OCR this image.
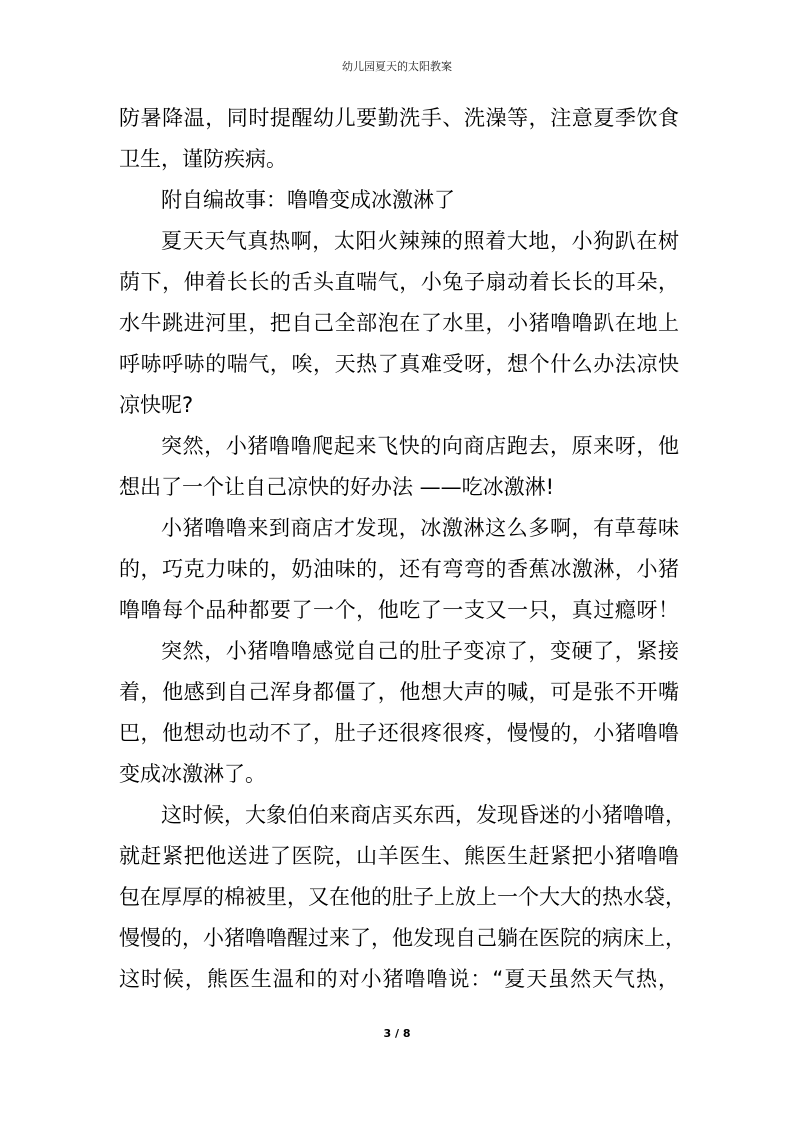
幼儿园夏天的太阳教案
防暑降温，同时提醒幼儿要勤洗手、洗澡等，注意夏季饮食
卫生，谨防疾病。
附自编故事：噜噜变成冰激淋了
夏天天气真热啊，太阳火辣辣的照着大地，小狗趴在树
荫下，伸着长长的舌头直喘气，小兔子扇动着长长的耳朵，
水牛跳进河里，把自己全部泡在了水里，小猪噜噜趴在地上
呼哧呼哧的喘气，唉，天热了真难受呀，想个什么办法凉快
凉快呢?
突然，小猪噜噜爬起来飞快的向商店跑去，原来呀，他
想出了一个让自己凉快的好办法 ——吃冰激淋!
小猪噜噜来到商店才发现，冰激淋这么多啊，有草莓味
的，巧克力味的，奶油味的，还有弯弯的香蕉冰激淋，小猪
噜噜每个品种都要了一个，他吃了一支又一只，真过瘾呀！
突然，小猪噜噜感觉自己的肚子变凉了，变硬了，紧接
着，他感到自己浑身都僵了，他想大声的喊，可是张不开嘴
巴，他想动也动不了，肚子还很疼很疼，慢慢的，小猪噜噜
变成冰激淋了。
这时候，大象伯伯来商店买东西，发现昏迷的小猪噜噜，
就赶紧把他送进了医院，山羊医生、熊医生赶紧把小猪噜噜
包在厚厚的棉被里，又在他的肚子上放上一个大大的热水袋，
慢慢的，小猪噜噜醒过来了，他发现自己躺在医院的病床上，
这时候，熊医生温和的对小猪噜噜说：“夏天虽然天气热，
3 / 8
